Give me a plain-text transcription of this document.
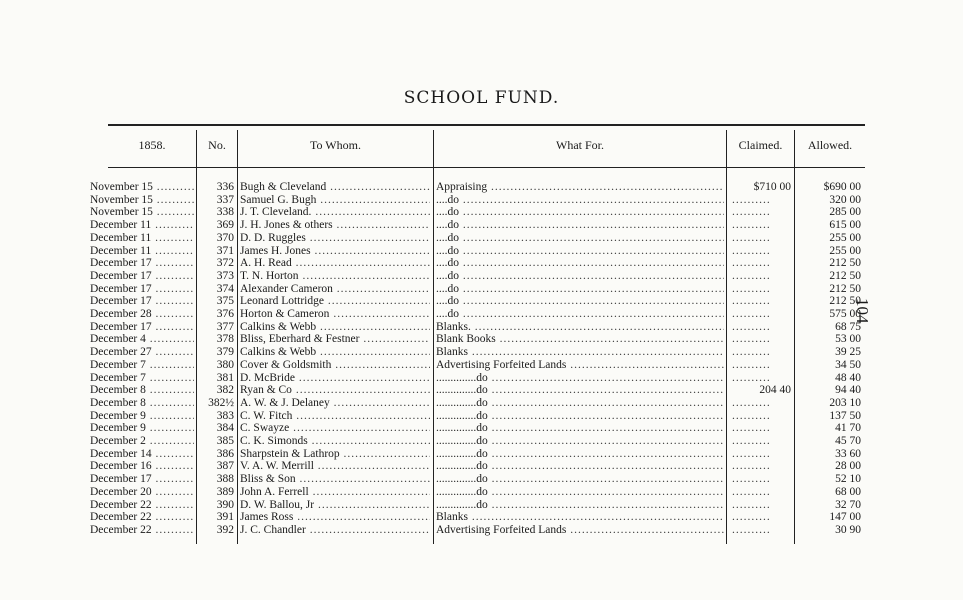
SCHOOL FUND.
1858.	No.	To Whom.	What For.	Claimed.	Allowed.
November 15 .....	336 Bugh & Cleveland .....	Appraising .....	$710 00	$690 00
November 15 .....	337 Samuel G. Bugh .....	....do .....	..........	320 00
November 15 .....	338 J. T. Cleveland. .....	....do .....	..........	285 00
December 11 .....	369 J. H. Jones & others .....	....do .....	..........	615 00
December 11 .....	370 D. D. Ruggles .....	....do .....	..........	255 00
December 11 .....	371 James H. Jones .....	....do .....	..........	255 00
December 17 .....	372 A. H. Read .....	....do .....	..........	212 50
December 17 .....	373 T. N. Horton .....	....do .....	..........	212 50
December 17 .....	374 Alexander Cameron .....	....do .....	..........	212 50
December 17 .....	375 Leonard Lottridge .....	....do .....	..........	212 50
December 28 .....	376 Horton & Cameron .....	....do .....	..........	575 00
December 17 .....	377 Calkins & Webb .....	Blanks. .....	..........	68 75
December 4 .....	378 Bliss, Eberhard & Festner .....	Blank Books .....	..........	53 00
December 27 .....	379 Calkins & Webb .....	Blanks .....	..........	39 25
December 7 .....	380 Cover & Goldsmith .....	Advertising Forfeited Lands .....	..........	34 50
December 7 .....	381 D. McBride .....	..............do .....	..........	48 40
December 8 .....	382 Ryan & Co .....	..............do .....	204 40	94 40
December 8 .....	382½ A. W. & J. Delaney .....	..............do .....	..........	203 10
December 9 .....	383 C. W. Fitch .....	..............do .....	..........	137 50
December 9 .....	384 C. Swayze .....	..............do .....	..........	41 70
December 2 .....	385 C. K. Simonds .....	..............do .....	..........	45 70
December 14 .....	386 Sharpstein & Lathrop .....	..............do .....	..........	33 60
December 16 .....	387 V. A. W. Merrill .....	..............do .....	..........	28 00
December 17 .....	388 Bliss & Son .....	..............do .....	..........	52 10
December 20 .....	389 John A. Ferrell .....	..............do .....	..........	68 00
December 22 .....	390 D. W. Ballou, Jr .....	..............do .....	..........	32 70
December 22 .....	391 James Ross .....	Blanks .....	..........	147 00
December 22 .....	392 J. C. Chandler .....	Advertising Forfeited Lands .....	..........	30 90
104
